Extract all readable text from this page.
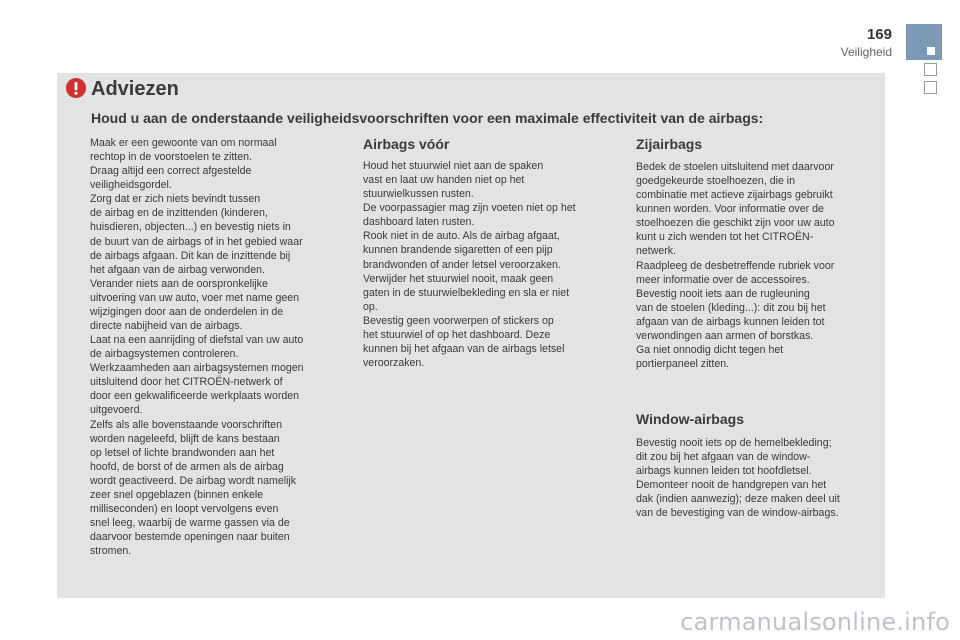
169
Veiligheid
Adviezen
Houd u aan de onderstaande veiligheidsvoorschriften voor een maximale effectiviteit van de airbags:

Maak er een gewoonte van om normaal
rechtop in de voorstoelen te zitten.
Draag altijd een correct afgestelde
veiligheidsgordel.
Zorg dat er zich niets bevindt tussen
de airbag en de inzittenden (kinderen,
huisdieren, objecten...) en bevestig niets in
de buurt van de airbags of in het gebied waar
de airbags afgaan. Dit kan de inzittende bij
het afgaan van de airbag verwonden.
Verander niets aan de oorspronkelijke
uitvoering van uw auto, voer met name geen
wijzigingen door aan de onderdelen in de
directe nabijheid van de airbags.
Laat na een aanrijding of diefstal van uw auto
de airbagsystemen controleren.
Werkzaamheden aan airbagsystemen mogen
uitsluitend door het CITROËN-netwerk of
door een gekwalificeerde werkplaats worden
uitgevoerd.
Zelfs als alle bovenstaande voorschriften
worden nageleefd, blijft de kans bestaan
op letsel of lichte brandwonden aan het
hoofd, de borst of de armen als de airbag
wordt geactiveerd. De airbag wordt namelijk
zeer snel opgeblazen (binnen enkele
milliseconden) en loopt vervolgens even
snel leeg, waarbij de warme gassen via de
daarvoor bestemde openingen naar buiten
stromen.

Airbags vóór

Houd het stuurwiel niet aan de spaken
vast en laat uw handen niet op het
stuurwielkussen rusten.
De voorpassagier mag zijn voeten niet op het
dashboard laten rusten.
Rook niet in de auto. Als de airbag afgaat,
kunnen brandende sigaretten of een pijp
brandwonden of ander letsel veroorzaken.
Verwijder het stuurwiel nooit, maak geen
gaten in de stuurwielbekleding en sla er niet
op.
Bevestig geen voorwerpen of stickers op
het stuurwiel of op het dashboard. Deze
kunnen bij het afgaan van de airbags letsel
veroorzaken.

Zijairbags

Bedek de stoelen uitsluitend met daarvoor
goedgekeurde stoelhoezen, die in
combinatie met actieve zijairbags gebruikt
kunnen worden. Voor informatie over de
stoelhoezen die geschikt zijn voor uw auto
kunt u zich wenden tot het CITROËN-
netwerk.
Raadpleeg de desbetreffende rubriek voor
meer informatie over de accessoires.
Bevestig nooit iets aan de rugleuning
van de stoelen (kleding...): dit zou bij het
afgaan van de airbags kunnen leiden tot
verwondingen aan armen of borstkas.
Ga niet onnodig dicht tegen het
portierpaneel zitten.

Window-airbags

Bevestig nooit iets op de hemelbekleding;
dit zou bij het afgaan van de window-
airbags kunnen leiden tot hoofdletsel.
Demonteer nooit de handgrepen van het
dak (indien aanwezig); deze maken deel uit
van de bevestiging van de window-airbags.

carmanualsonline.info
